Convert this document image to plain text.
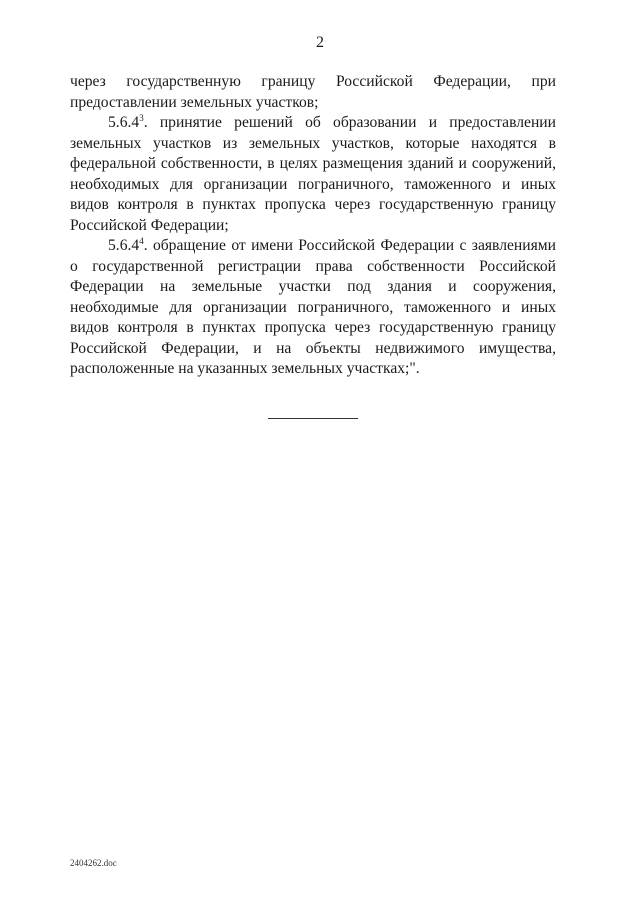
2

через государственную границу Российской Федерации, при предоставлении земельных участков;

5.6.4$^3$. принятие решений об образовании и предоставлении земельных участков из земельных участков, которые находятся в федеральной собственности, в целях размещения зданий и сооружений, необходимых для организации пограничного, таможенного и иных видов контроля в пунктах пропуска через государственную границу Российской Федерации;

5.6.4$^4$. обращение от имени Российской Федерации с заявлениями о государственной регистрации права собственности Российской Федерации на земельные участки под здания и сооружения, необходимые для организации пограничного, таможенного и иных видов контроля в пунктах пропуска через государственную границу Российской Федерации, и на объекты недвижимого имущества, расположенные на указанных земельных участках;".

2404262.doc
